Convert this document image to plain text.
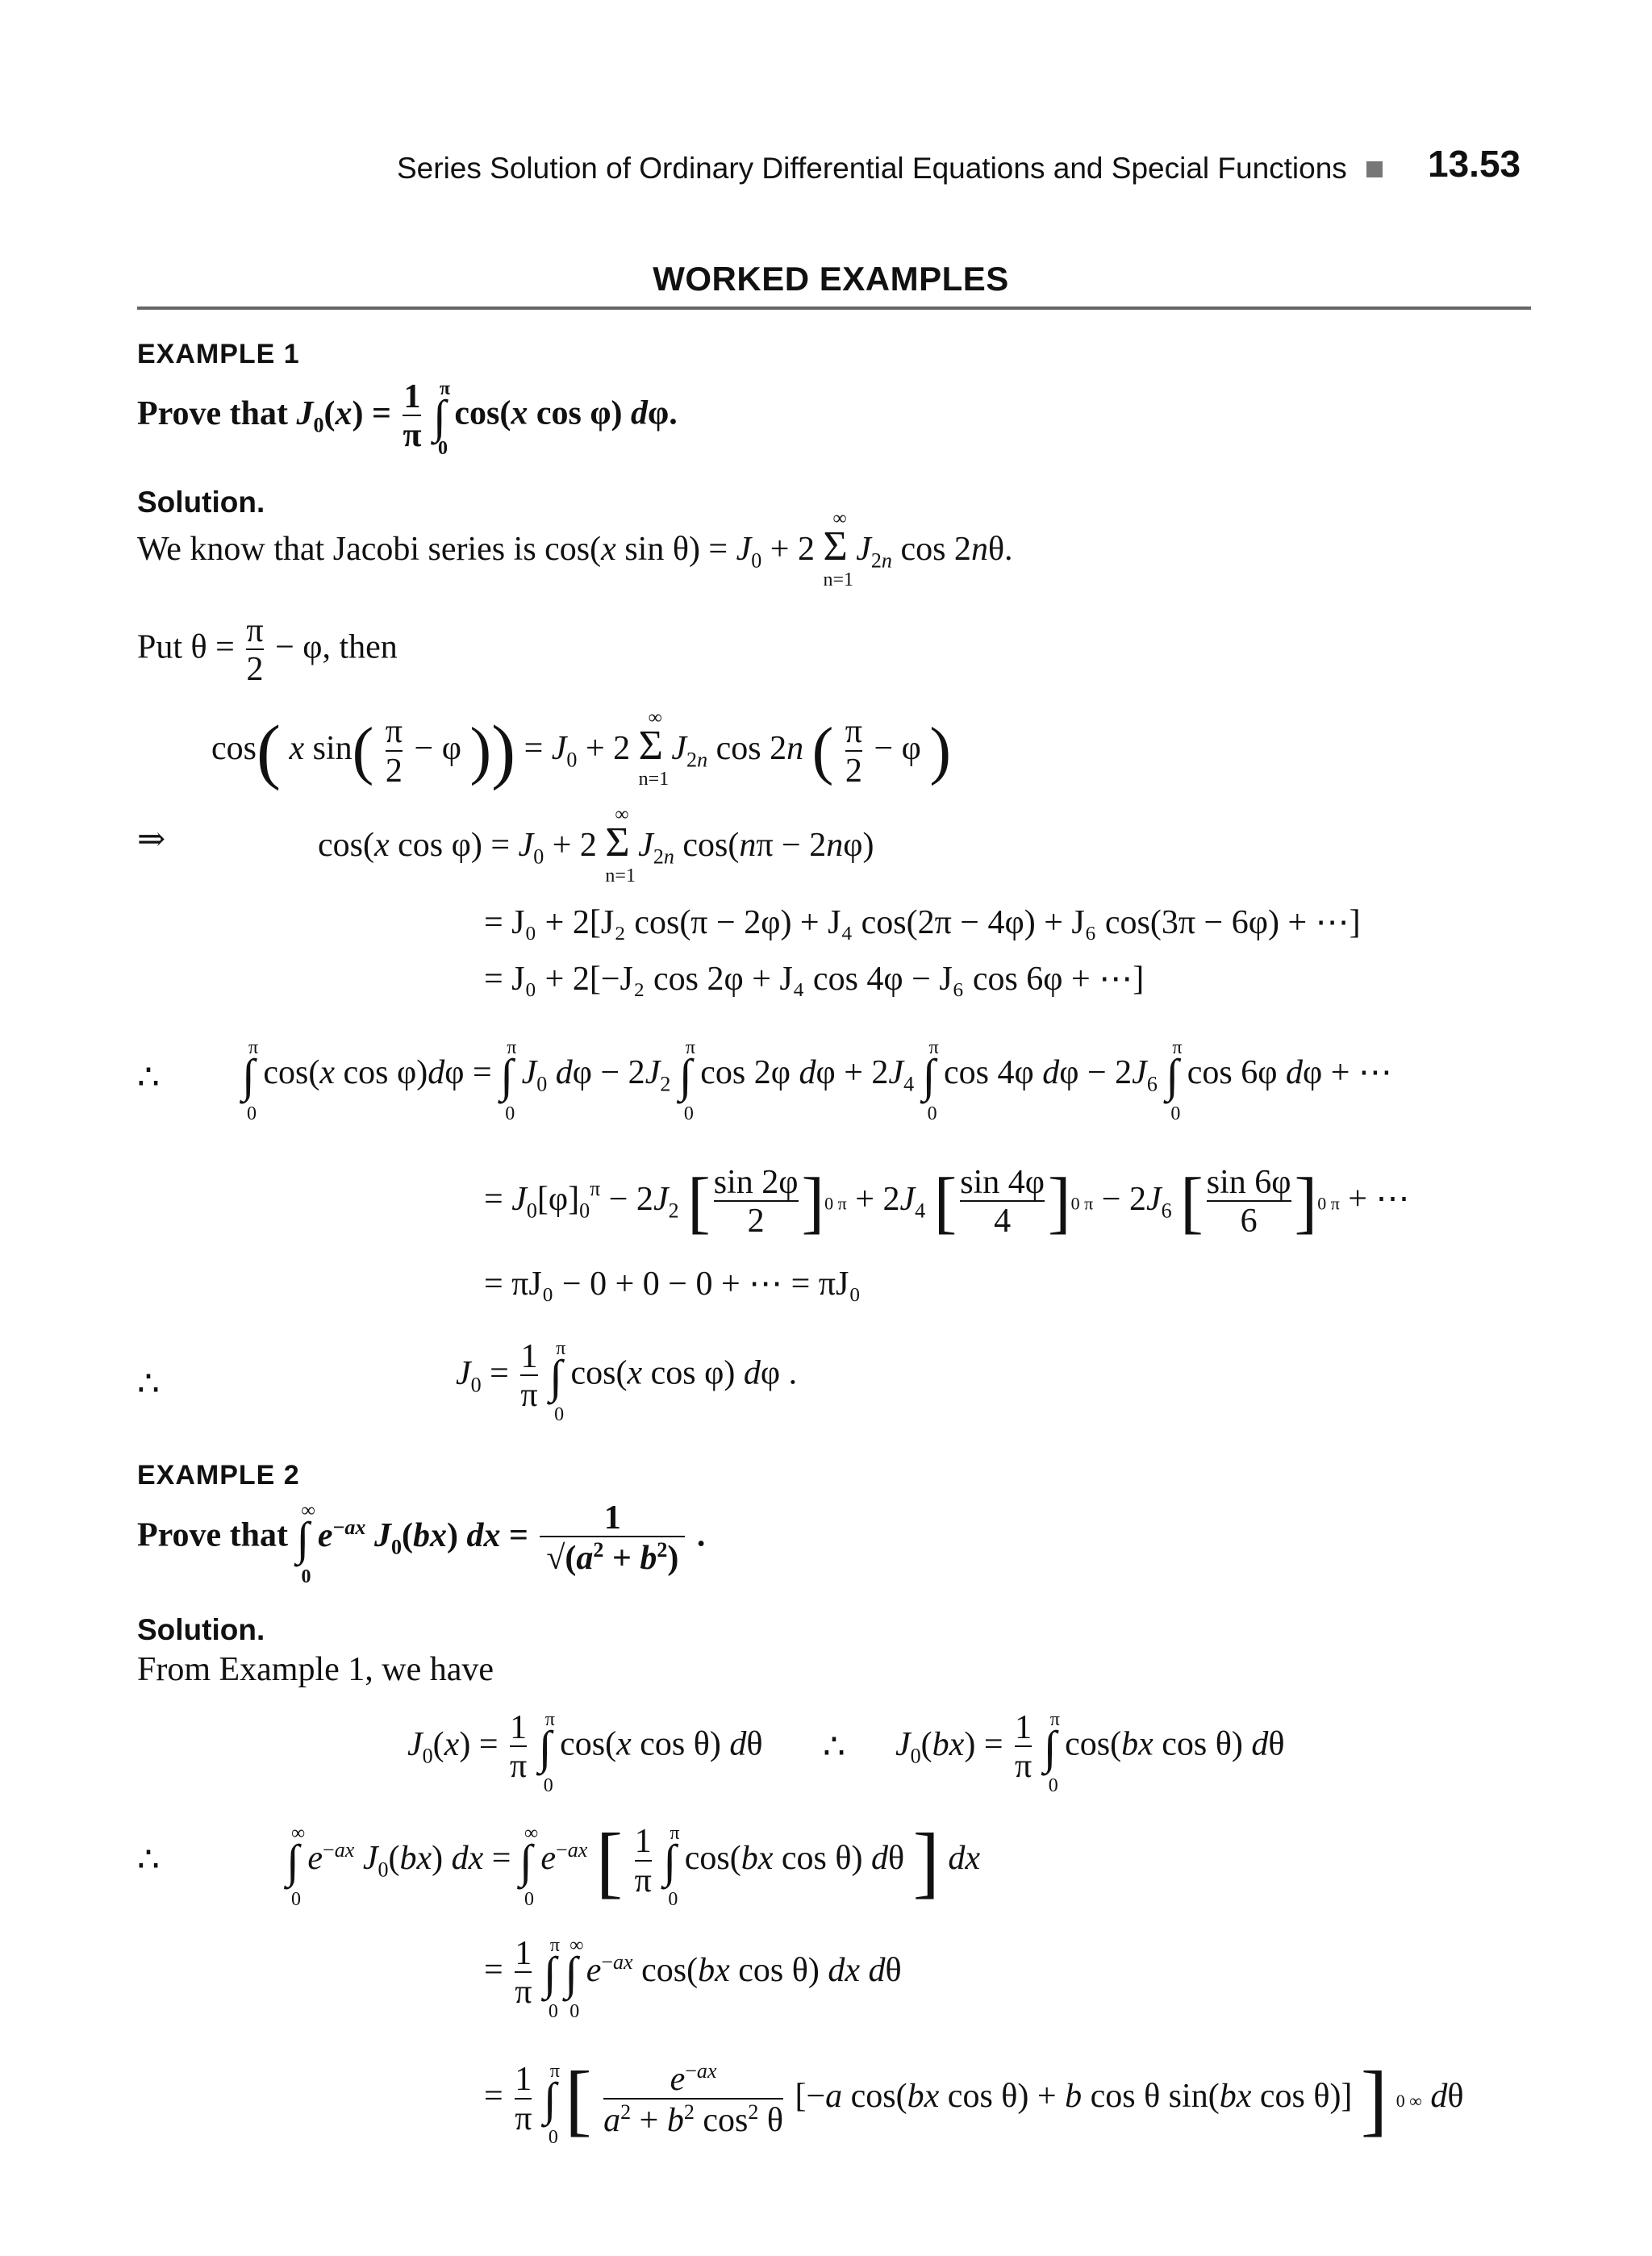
Series Solution of Ordinary Differential Equations and Special Functions 13.53
WORKED EXAMPLES
EXAMPLE 1
Prove that $J_0(x) = \frac{1}{\pi}$ ∫
π
0
cos(x cos φ) dφ.
Solution.
We know that Jacobi series is cos(x $\sin \theta) = J_0 + 2$ Σ
∞
n=1
$J_{2n}$ cos 2nθ.
Put $\theta = \frac{\pi}{2} - \varphi$, then
cos( x $\sin( \frac{\pi}{2} - \varphi$ )) = $J_0 + 2$ Σ
∞
n=1
$J_{2n}$ cos 2n ( $\frac{\pi}{2} - \varphi$ )
⇒	cos(x $\cos \varphi) = J_0 + 2$ Σ
∞
n=1
$J_{2n}$ cos(nπ − 2nφ)
= J₀ + 2[J₂ cos(π − 2φ) + J₄ cos(2π − 4φ) + J₆ cos(3π − 6φ) + ⋯]
= J₀ + 2[−J₂ cos 2φ + J₄ cos 4φ − J₆ cos 6φ + ⋯]
∴ ∫
π
0
cos(x cos φ)dφ = ∫
π
0
$J_0$ $d\varphi - 2J_2$ ∫
π
0
cos 2φ $d\varphi + 2J_4$ ∫
π
0
cos 4φ $d\varphi - 2J_6$ ∫
π
0
cos 6φ dφ + ⋯
= $J_0[\varphi]_0^\pi - 2J_2$ [ $\frac{\sin 2\varphi}{2} ]0$ $\pi + 2J_4$ [ $\frac{\sin 4\varphi}{4} ]0$ $\pi - 2J_6$ [ $\frac{\sin 6\varphi}{6} ]0$ π + ⋯
= πJ₀ − 0 + 0 − 0 + ⋯ = πJ₀
∴	$J_0 = \frac{1}{\pi}$ ∫
π
0
cos(x cos φ) dφ .
EXAMPLE 2
Prove that ∫
∞
0
$e^{-ax}$ $J_0(bx)$ dx = $\frac{1}{√(a^2 + b^2)}$ .
Solution.
From Example 1, we have
$J_0(x) = \frac{1}{\pi}$ ∫
π
0
cos(x cos θ) dθ ∴ $J_0(bx) = \frac{1}{\pi}$ ∫
π
0
cos(bx cos θ) dθ
∴	∫
∞
0
$e^{-ax}$ $J_0(bx)$ dx = ∫
∞
0
$e^{-ax}$ [ $\frac{1}{\pi}$ ∫
π
0
cos(bx cos θ) dθ ] dx
= $\frac{1}{\pi}$ ∫
π
0
∫
∞
0
$e^{-ax}$ cos(bx cos θ) dx dθ
= $\frac{1}{\pi}$ ∫
π
0 [ $\frac{e^{-ax}}{a^2 + b^2 \cos^2 \theta} [-a$ cos(bx cos θ) + b cos θ sin(bx cos θ)] ] 0 ∞ dθ
